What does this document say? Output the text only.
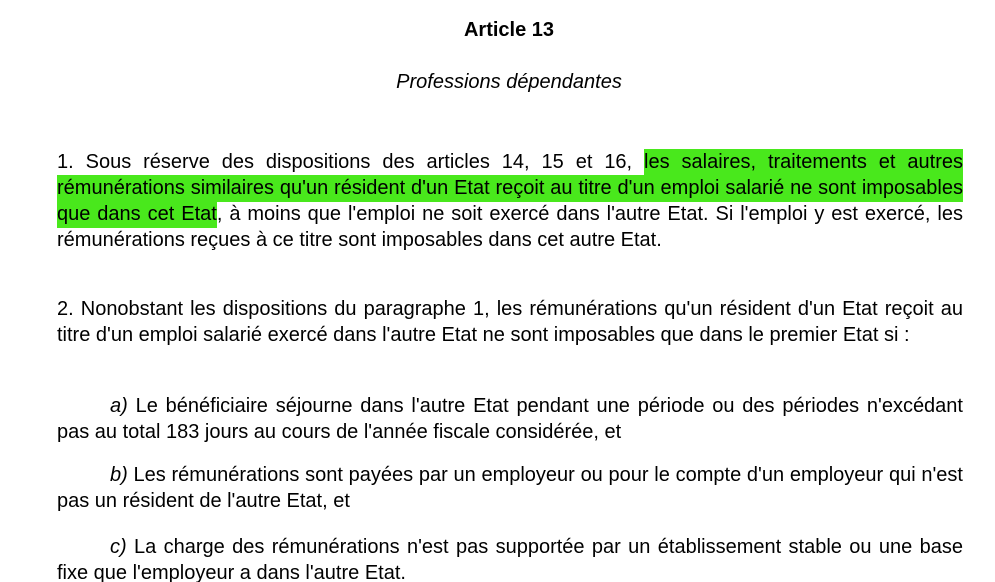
Article 13
Professions dépendantes

1. Sous réserve des dispositions des articles 14, 15 et 16, les salaires, traitements et autres rémunérations similaires qu'un résident d'un Etat reçoit au titre d'un emploi salarié ne sont imposables que dans cet Etat, à moins que l'emploi ne soit exercé dans l'autre Etat. Si l'emploi y est exercé, les rémunérations reçues à ce titre sont imposables dans cet autre Etat.

2. Nonobstant les dispositions du paragraphe 1, les rémunérations qu'un résident d'un Etat reçoit au titre d'un emploi salarié exercé dans l'autre Etat ne sont imposables que dans le premier Etat si :

a) Le bénéficiaire séjourne dans l'autre Etat pendant une période ou des périodes n'excédant pas au total 183 jours au cours de l'année fiscale considérée, et

b) Les rémunérations sont payées par un employeur ou pour le compte d'un employeur qui n'est pas un résident de l'autre Etat, et

c) La charge des rémunérations n'est pas supportée par un établissement stable ou une base fixe que l'employeur a dans l'autre Etat.
